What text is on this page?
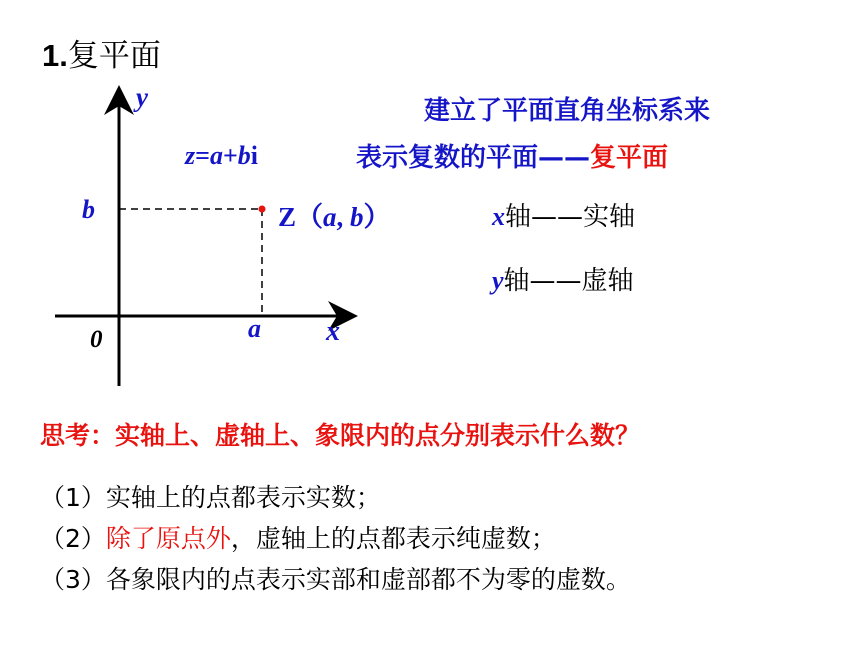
1.复平面
y
x
0
b
a
z=a+bi
Z（a, b）
建立了平面直角坐标系来
表示复数的平面——复平面
x轴——实轴
y轴——虚轴
思考：实轴上、虚轴上、象限内的点分别表示什么数？
（1）实轴上的点都表示实数；
（2）除了原点外，虚轴上的点都表示纯虚数；
（3）各象限内的点表示实部和虚部都不为零的虚数。
